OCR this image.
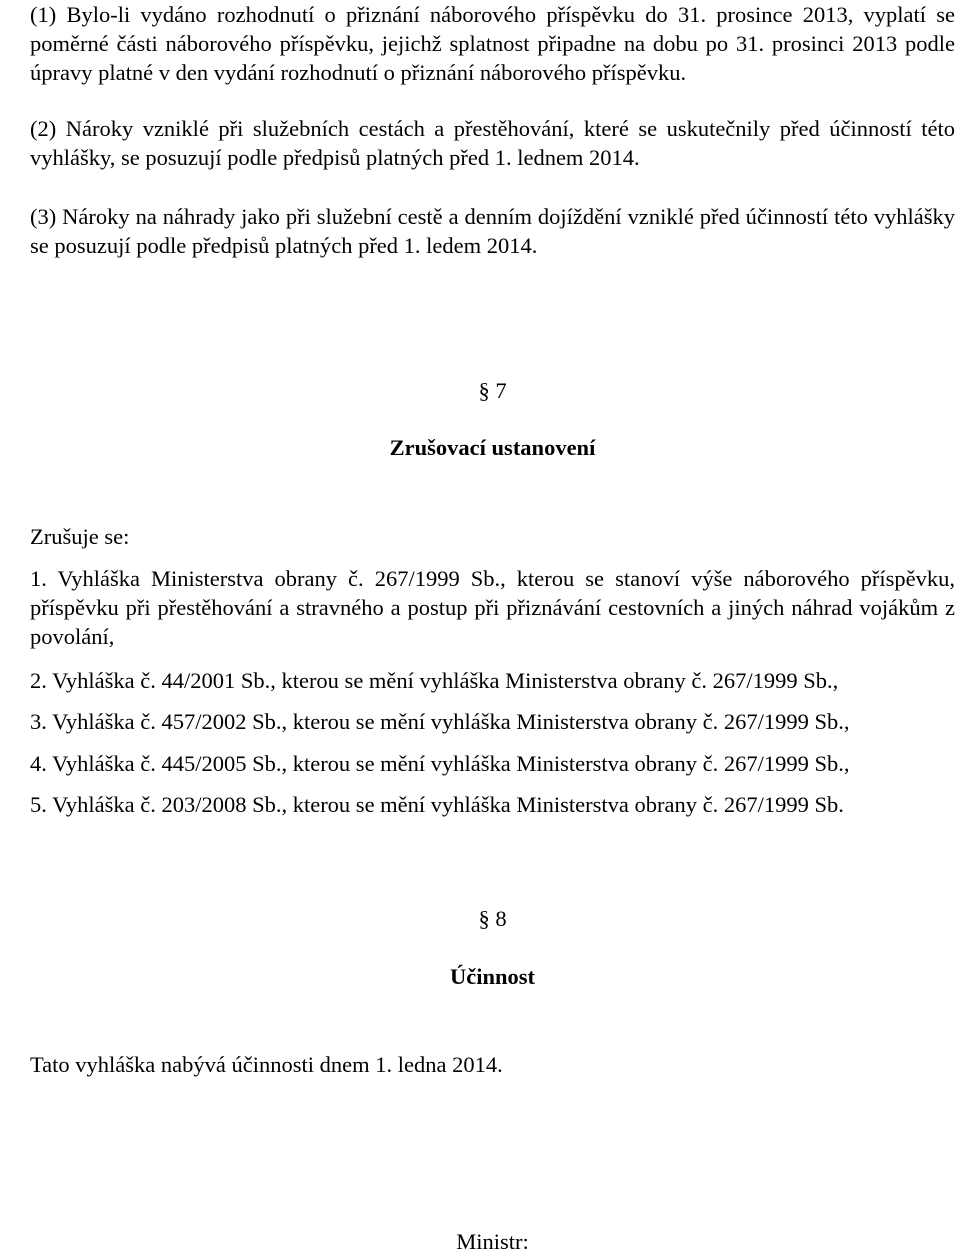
(1) Bylo-li vydáno rozhodnutí o přiznání náborového příspěvku do 31. prosince 2013, vyplatí se poměrné části náborového příspěvku, jejichž splatnost připadne na dobu po 31. prosinci 2013 podle úpravy platné v den vydání rozhodnutí o přiznání náborového příspěvku.

(2) Nároky vzniklé při služebních cestách a přestěhování, které se uskutečnily před účinností této vyhlášky, se posuzují podle předpisů platných před 1. lednem 2014.

(3) Nároky na náhrady jako při služební cestě a denním dojíždění vzniklé před účinností této vyhlášky se posuzují podle předpisů platných před 1. ledem 2014.

§ 7
Zrušovací ustanovení
Zrušuje se:

1. Vyhláška Ministerstva obrany č. 267/1999 Sb., kterou se stanoví výše náborového příspěvku, příspěvku při přestěhování a stravného a postup při přiznávání cestovních a jiných náhrad vojákům z povolání,

2. Vyhláška č. 44/2001 Sb., kterou se mění vyhláška Ministerstva obrany č. 267/1999 Sb.,

3. Vyhláška č. 457/2002 Sb., kterou se mění vyhláška Ministerstva obrany č. 267/1999 Sb.,

4. Vyhláška č. 445/2005 Sb., kterou se mění vyhláška Ministerstva obrany č. 267/1999 Sb.,

5. Vyhláška č. 203/2008 Sb., kterou se mění vyhláška Ministerstva obrany č. 267/1999 Sb.

§ 8
Účinnost
Tato vyhláška nabývá účinnosti dnem 1. ledna 2014.
Ministr:
